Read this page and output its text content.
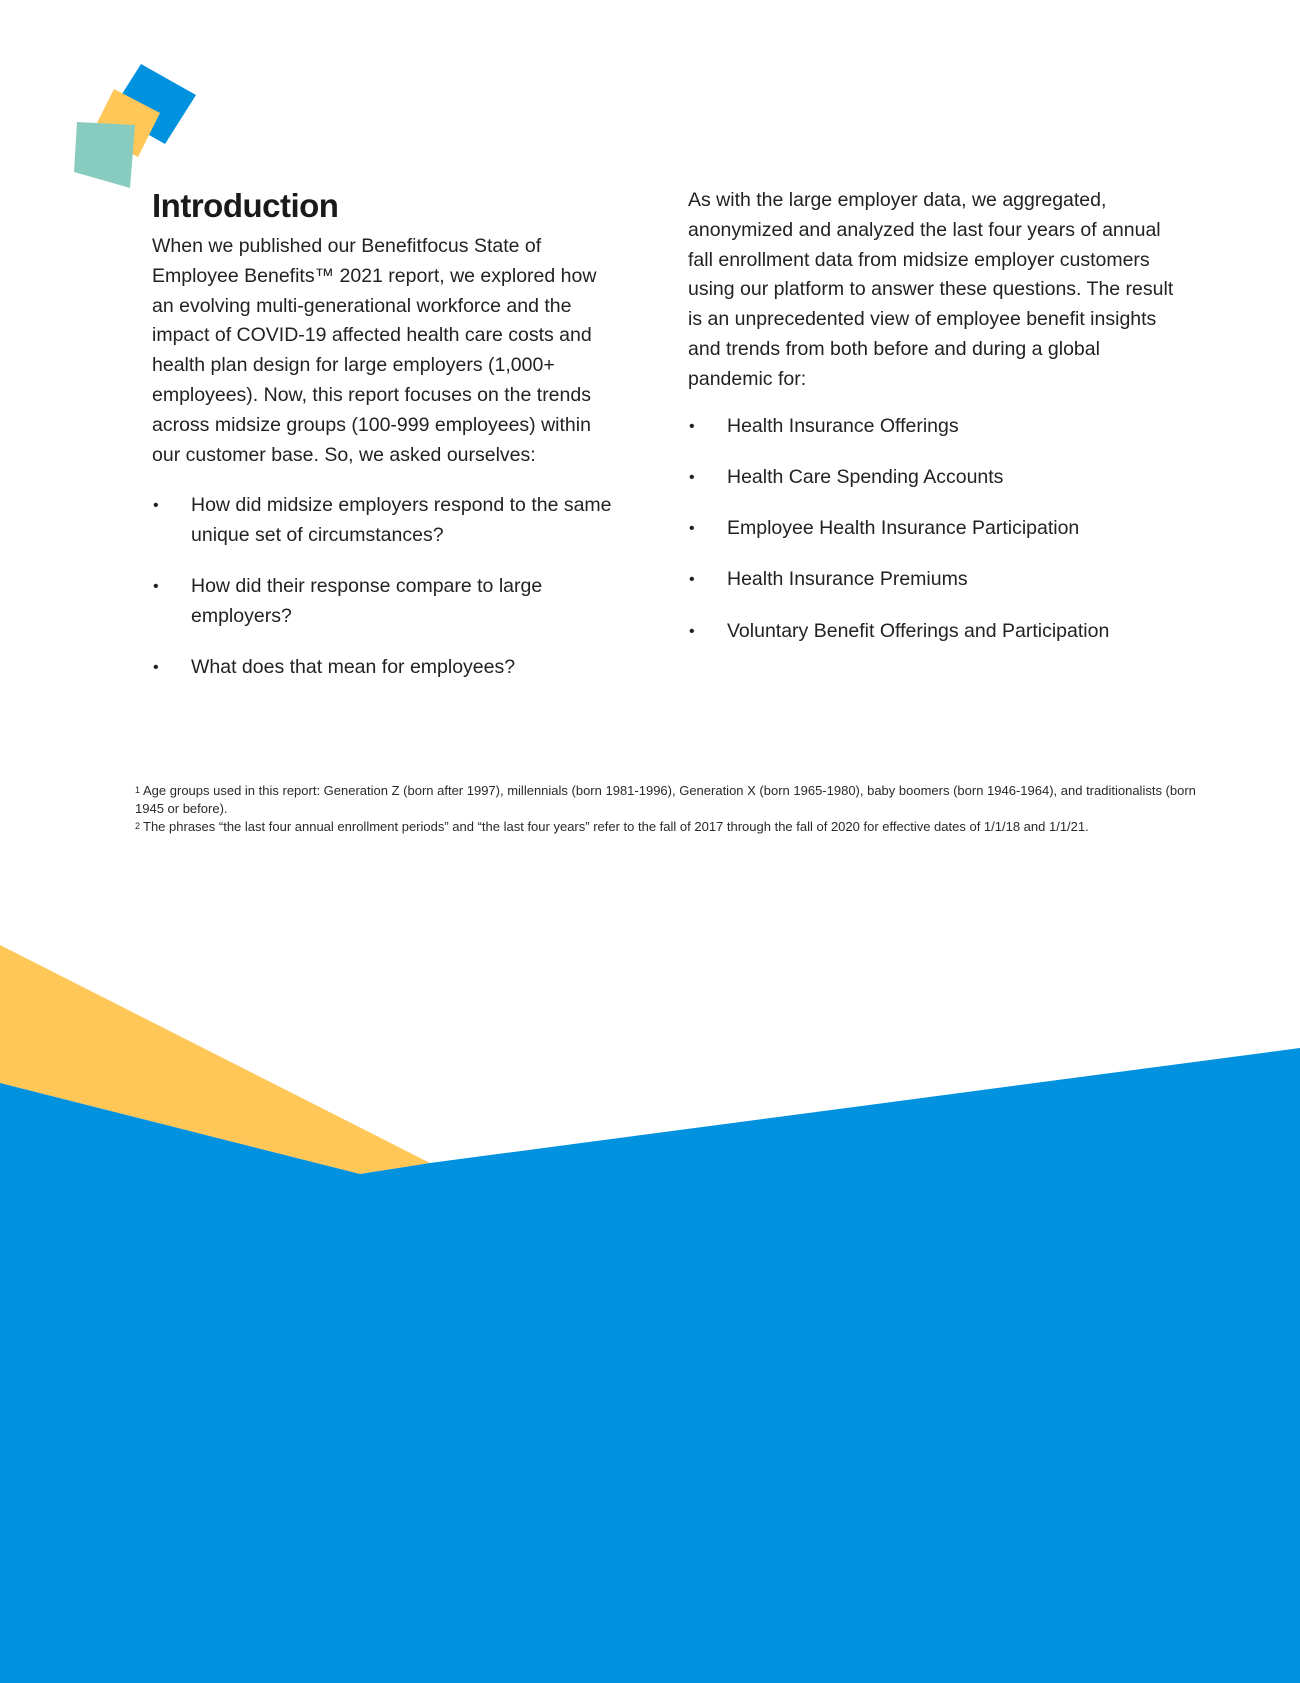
Introduction

When we published our Benefitfocus State of Employee Benefits™ 2021 report, we explored how an evolving multi-generational workforce and the impact of COVID-19 affected health care costs and health plan design for large employers (1,000+ employees). Now, this report focuses on the trends across midsize groups (100-999 employees) within our customer base. So, we asked ourselves:

• How did midsize employers respond to the same unique set of circumstances?
• How did their response compare to large employers?
• What does that mean for employees?

As with the large employer data, we aggregated, anonymized and analyzed the last four years of annual fall enrollment data from midsize employer customers using our platform to answer these questions. The result is an unprecedented view of employee benefit insights and trends from both before and during a global pandemic for:

• Health Insurance Offerings
• Health Care Spending Accounts
• Employee Health Insurance Participation
• Health Insurance Premiums
• Voluntary Benefit Offerings and Participation

$^1$ Age groups used in this report: Generation Z (born after 1997), millennials (born 1981-1996), Generation X (born 1965-1980), baby boomers (born 1946-1964), and traditionalists (born 1945 or before).

$^2$ The phrases “the last four annual enrollment periods” and “the last four years” refer to the fall of 2017 through the fall of 2020 for effective dates of 1/1/18 and 1/1/21.
